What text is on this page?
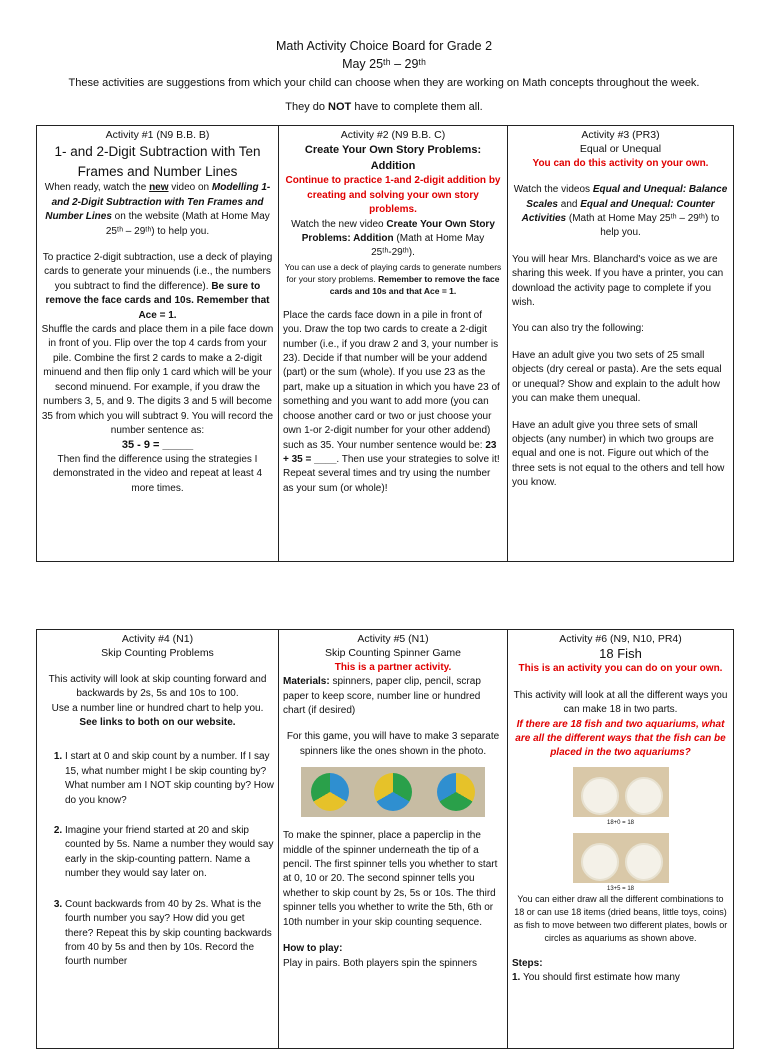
Math Activity Choice Board for Grade 2
May 25ᵗʰ – 29ᵗʰ
These activities are suggestions from which your child can choose when they are working on Math concepts throughout the week.
They do NOT have to complete them all.
Activity #1 (N9 B.B. B)
1- and 2-Digit Subtraction with Ten Frames and Number Lines

When ready, watch the new video on Modelling 1- and 2-Digit Subtraction with Ten Frames and Number Lines on the website (Math at Home May 25ᵗʰ – 29ᵗʰ) to help you.

To practice 2-digit subtraction, use a deck of playing cards to generate your minuends (i.e., the numbers you subtract to find the difference). Be sure to remove the face cards and 10s. Remember that Ace = 1.

Shuffle the cards and place them in a pile face down in front of you. Flip over the top 4 cards from your pile. Combine the first 2 cards to make a 2-digit minuend and then flip only 1 card which will be your second minuend. For example, if you draw the numbers 3, 5, and 9. The digits 3 and 5 will become 35 from which you will subtract 9. You will record the number sentence as:

35 - 9 = _____

Then find the difference using the strategies I demonstrated in the video and repeat at least 4 more times.

Activity #2 (N9 B.B. C)
Create Your Own Story Problems: Addition

Continue to practice 1-and 2-digit addition by creating and solving your own story problems.

Watch the new video Create Your Own Story Problems: Addition (Math at Home May 25ᵗʰ-29ᵗʰ).

You can use a deck of playing cards to generate numbers for your story problems. Remember to remove the face cards and 10s and that Ace = 1.

Place the cards face down in a pile in front of you. Draw the top two cards to create a 2-digit number (i.e., if you draw 2 and 3, your number is 23). Decide if that number will be your addend (part) or the sum (whole). If you use 23 as the part, make up a situation in which you have 23 of something and you want to add more (you can choose another card or two or just choose your own 1-or 2-digit number for your other addend) such as 35. Your number sentence would be: 23 + 35 = ____. Then use your strategies to solve it! Repeat several times and try using the number as your sum (or whole)!

Activity #3 (PR3)
Equal or Unequal

You can do this activity on your own.

Watch the videos Equal and Unequal: Balance Scales and Equal and Unequal: Counter Activities (Math at Home May 25ᵗʰ – 29ᵗʰ) to help you.

You will hear Mrs. Blanchard's voice as we are sharing this week. If you have a printer, you can download the activity page to complete if you wish.

You can also try the following:

Have an adult give you two sets of 25 small objects (dry cereal or pasta). Are the sets equal or unequal? Show and explain to the adult how you can make them unequal.

Have an adult give you three sets of small objects (any number) in which two groups are equal and one is not. Figure out which of the three sets is not equal to the others and tell how you know.

Activity #4 (N1)
Skip Counting Problems

This activity will look at skip counting forward and backwards by 2s, 5s and 10s to 100.

Use a number line or hundred chart to help you.

See links to both on our website.

1. I start at 0 and skip count by a number. If I say 15, what number might I be skip counting by? What number am I NOT skip counting by? How do you know?
2. Imagine your friend started at 20 and skip counted by 5s. Name a number they would say early in the skip-counting pattern. Name a number they would say later on.
3. Count backwards from 40 by 2s. What is the fourth number you say? How did you get there? Repeat this by skip counting backwards from 40 by 5s and then by 10s. Record the fourth number

Activity #5 (N1)
Skip Counting Spinner Game

This is a partner activity.

Materials: spinners, paper clip, pencil, scrap paper to keep score, number line or hundred chart (if desired)

For this game, you will have to make 3 separate spinners like the ones shown in the photo.

To make the spinner, place a paperclip in the middle of the spinner underneath the tip of a pencil. The first spinner tells you whether to start at 0, 10 or 20. The second spinner tells you whether to skip count by 2s, 5s or 10s. The third spinner tells you whether to write the 5th, 6th or 10th number in your skip counting sequence.

How to play:

Play in pairs. Both players spin the spinners

Activity #6 (N9, N10, PR4)
18 Fish

This is an activity you can do on your own.

This activity will look at all the different ways you can make 18 in two parts.

If there are 18 fish and two aquariums, what are all the different ways that the fish can be placed in the two aquariums?

18+0 = 18
13+5 = 18

You can either draw all the different combinations to 18 or can use 18 items (dried beans, little toys, coins) as fish to move between two different plates, bowls or circles as aquariums as shown above.

Steps:

1. You should first estimate how many
